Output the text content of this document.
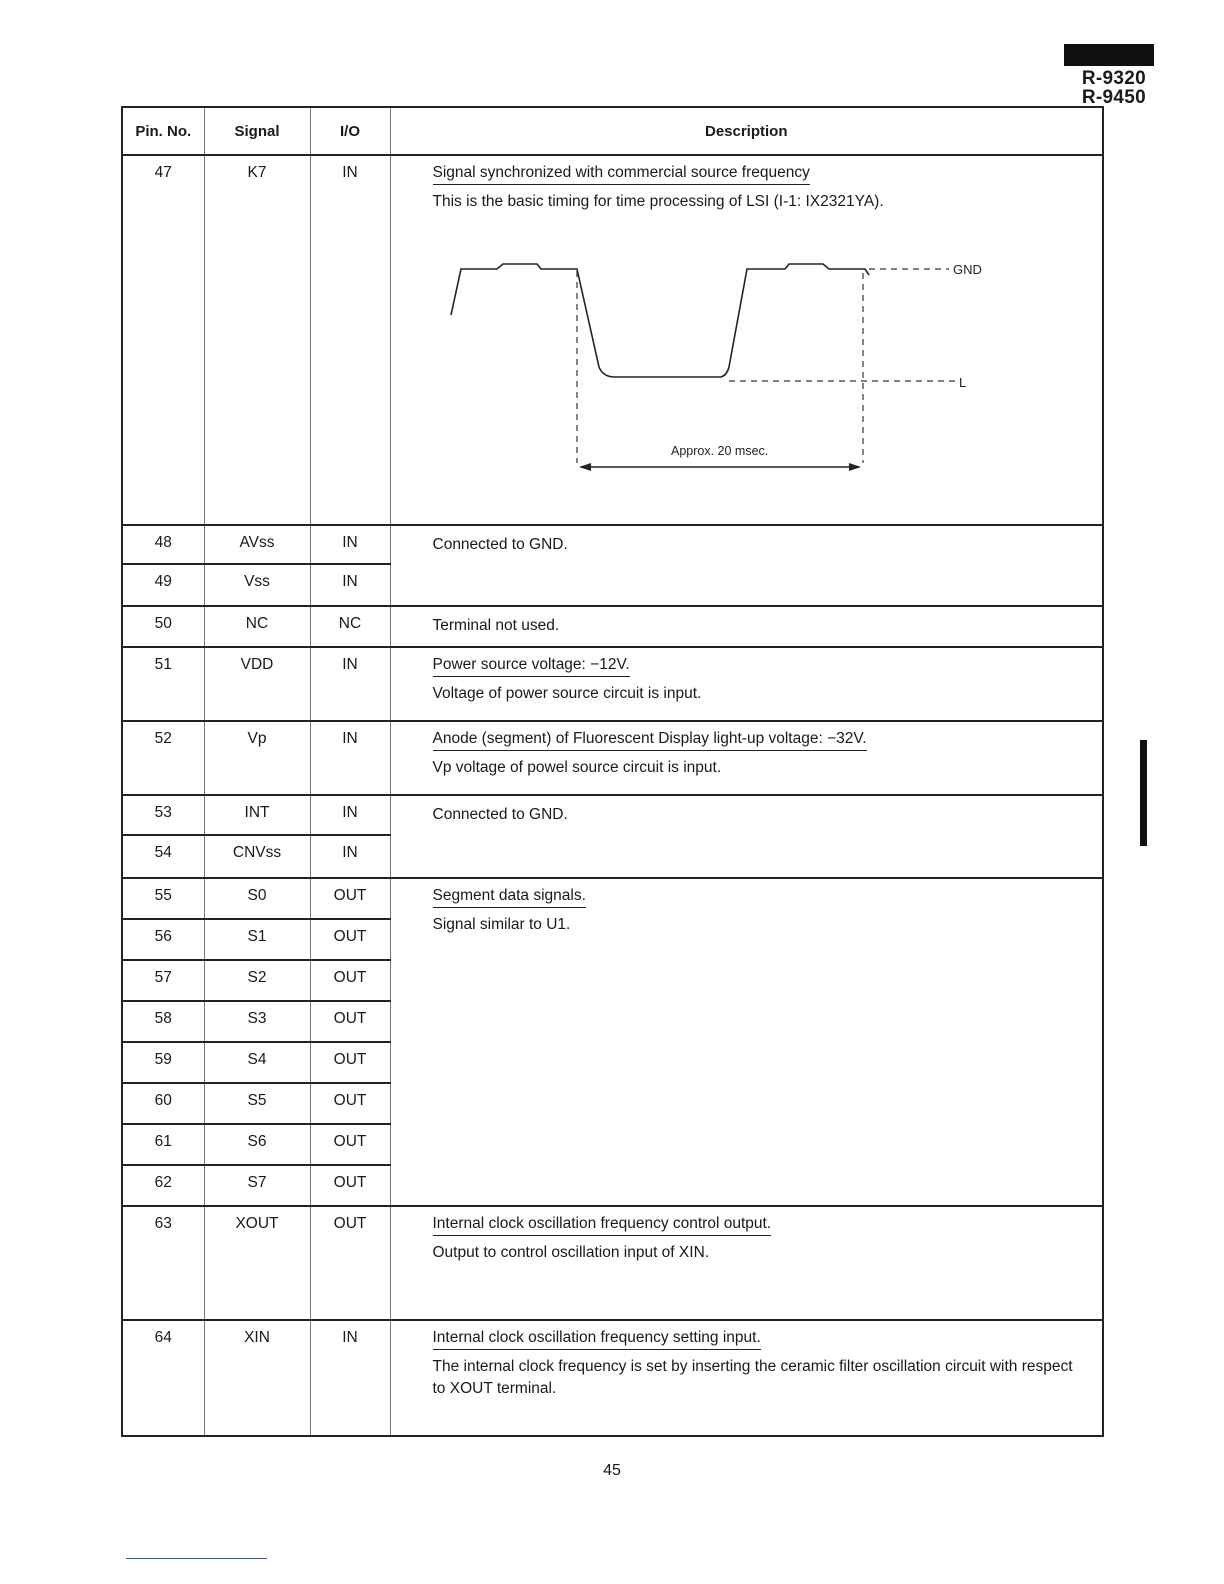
R-9320
R-9450
Pin. No.	Signal	I/O	Description
47	K7	IN	Signal synchronized with commercial source frequency
This is the basic timing for time processing of LSI (I-1: IX2321YA).
GND
L
Approx. 20 msec.

48	AVss	IN	Connected to GND.

49	Vss	IN	
50	NC	NC	Terminal not used.

51	VDD	IN	Power source voltage: −12V.
Voltage of power source circuit is input.

52	Vp	IN	Anode (segment) of Fluorescent Display light-up voltage: −32V.
Vp voltage of powel source circuit is input.

53	INT	IN	Connected to GND.

54	CNVss	IN	
55	S0	OUT	Segment data signals.
Signal similar to U1.

56	S1	OUT	
57	S2	OUT	
58	S3	OUT	
59	S4	OUT	
60	S5	OUT	
61	S6	OUT	
62	S7	OUT	
63	XOUT	OUT	Internal clock oscillation frequency control output.
Output to control oscillation input of XIN.

64	XIN	IN	Internal clock oscillation frequency setting input.
The internal clock frequency is set by inserting the ceramic filter oscillation circuit with respect to XOUT terminal.
45
